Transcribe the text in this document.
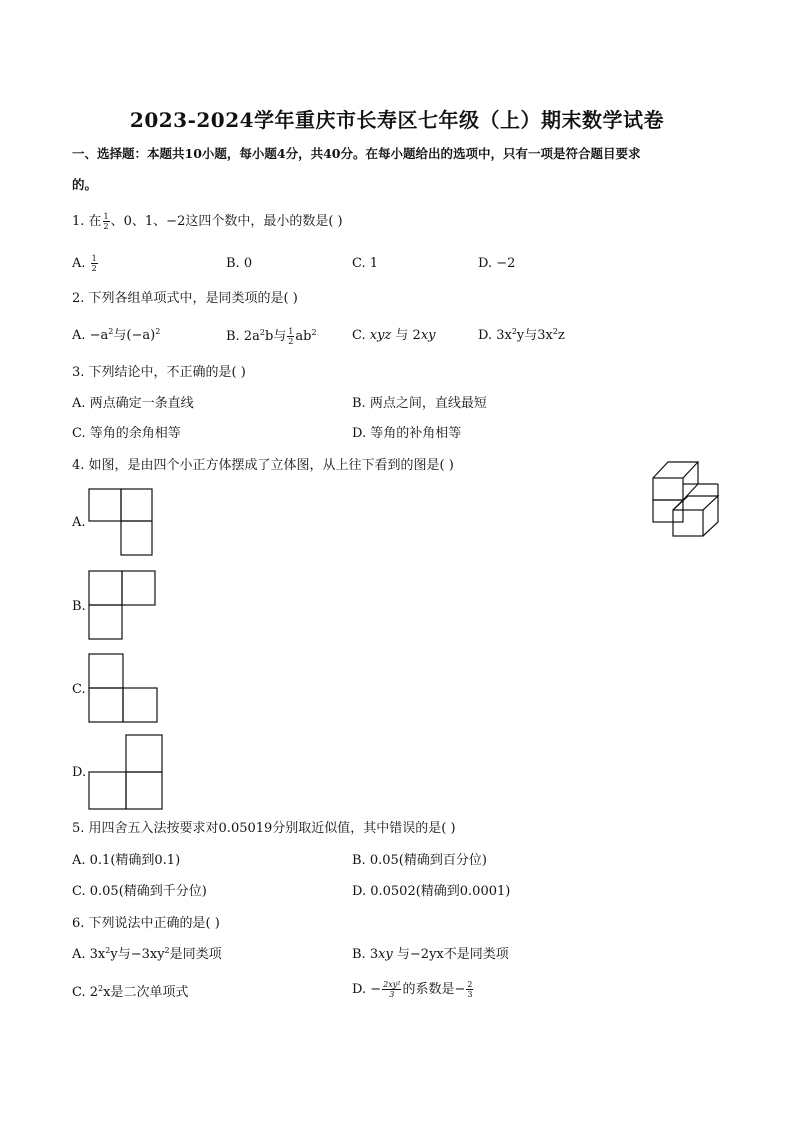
2023-2024学年重庆市长寿区七年级（上）期末数学试卷
一、选择题：本题共10小题，每小题4分，共40分。在每小题给出的选项中，只有一项是符合题目要求
的。
1. 在 $\frac{1}{2}$ 、0、1、−2这四个数中，最小的数是( )
A. $\frac{1}{2}$	B. 0	C. 1	D. −2
2. 下列各组单项式中，是同类项的是( )
A. $-a^2$与$(-a)^2$	B. $2a^2b$与 $\frac{1}{2} ab^2$	C. xyz 与 2xy	D. $3x^2y$与$3x^2z$
3. 下列结论中，不正确的是( )
A. 两点确定一条直线	B. 两点之间，直线最短
C. 等角的余角相等	D. 等角的补角相等
4. 如图，是由四个小正方体摆成了立体图，从上往下看到的图是( )
A.
B.
C.
D.
5. 用四舍五入法按要求对0.05019分别取近似值，其中错误的是( )
A. 0.1(精确到0.1)	B. 0.05(精确到百分位)
C. 0.05(精确到千分位)	D. 0.0502(精确到0.0001)
6. 下列说法中正确的是( )
A. $3x^2y$与$-3xy^2$是同类项	B. 3xy 与−2yx不是同类项
C. $2^2x$是二次单项式	D. − $\frac{\text{2xy²}}{3}$ 的系数是− $\frac{2}{3}$
